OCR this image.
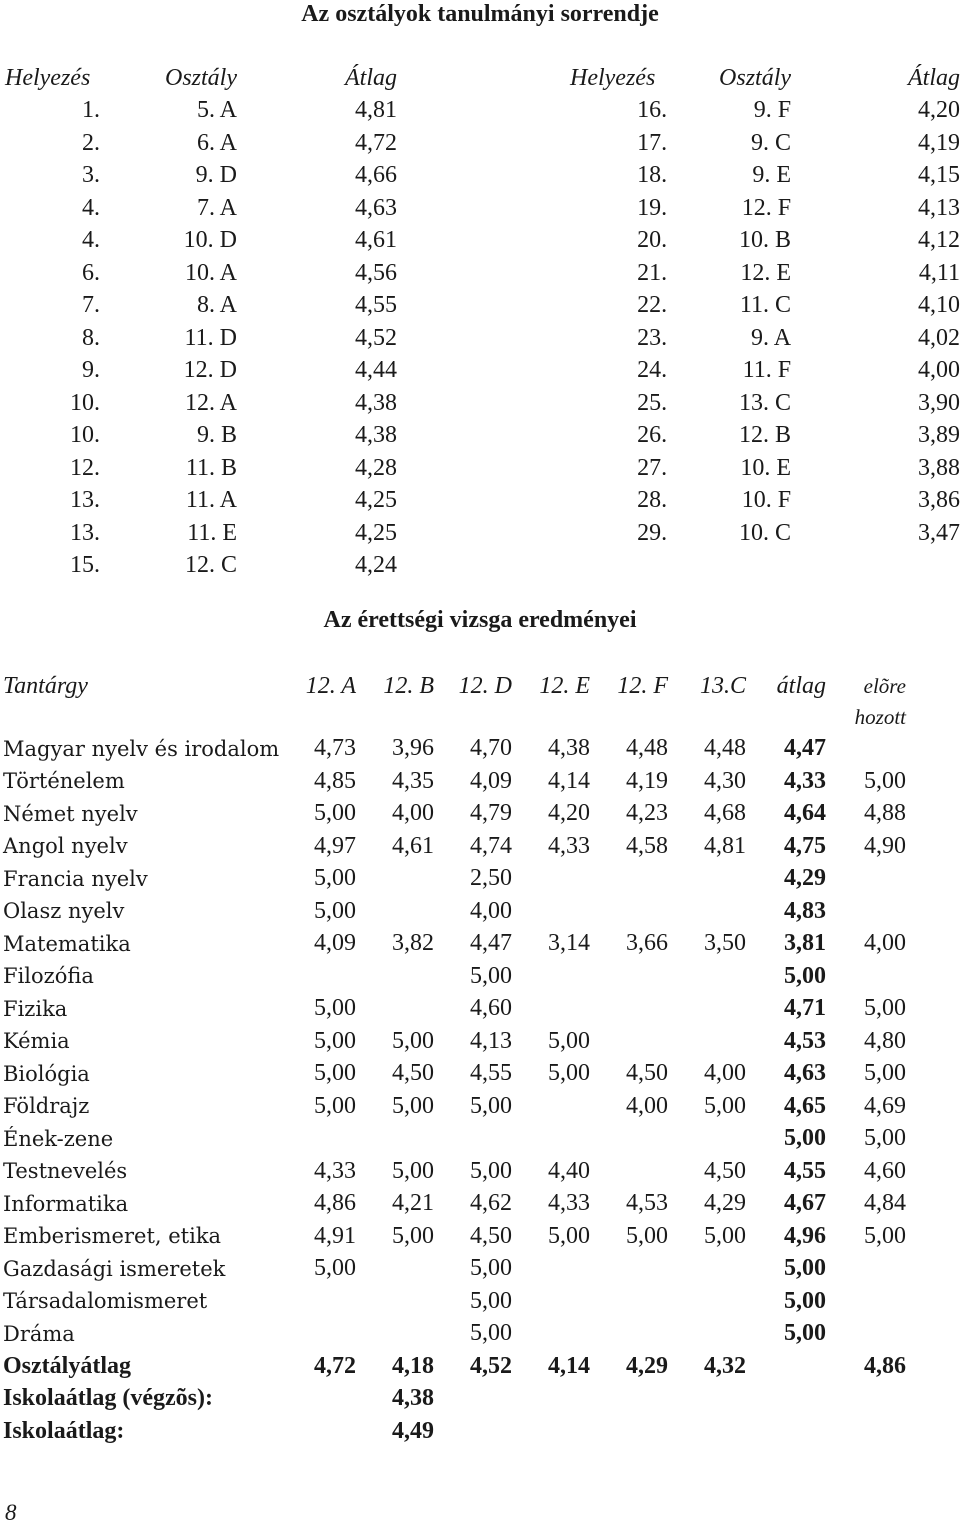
Az osztályok tanulmányi sorrendje
Helyezés	Osztály	Átlag
1.	5. A	4,81
2.	6. A	4,72
3.	9. D	4,66
4.	7. A	4,63
4.	10. D	4,61
6.	10. A	4,56
7.	8. A	4,55
8.	11. D	4,52
9.	12. D	4,44
10.	12. A	4,38
10.	9. B	4,38
12.	11. B	4,28
13.	11. A	4,25
13.	11. E	4,25
15.	12. C	4,24
Helyezés	Osztály	Átlag
16.	9. F	4,20
17.	9. C	4,19
18.	9. E	4,15
19.	12. F	4,13
20.	10. B	4,12
21.	12. E	4,11
22.	11. C	4,10
23.	9. A	4,02
24.	11. F	4,00
25.	13. C	3,90
26.	12. B	3,89
27.	10. E	3,88
28.	10. F	3,86
29.	10. C	3,47
Az érettségi vizsga eredményei
Tantárgy	12. A	12. B	12. D	12. E	12. F	13.C	átlag	elõre
								hozott
Magyar nyelv és irodalom	4,73	3,96	4,70	4,38	4,48	4,48	4,47	
Történelem	4,85	4,35	4,09	4,14	4,19	4,30	4,33	5,00
Német nyelv	5,00	4,00	4,79	4,20	4,23	4,68	4,64	4,88
Angol nyelv	4,97	4,61	4,74	4,33	4,58	4,81	4,75	4,90
Francia nyelv	5,00		2,50				4,29	
Olasz nyelv	5,00		4,00				4,83	
Matematika	4,09	3,82	4,47	3,14	3,66	3,50	3,81	4,00
Filozófia			5,00				5,00	
Fizika	5,00		4,60				4,71	5,00
Kémia	5,00	5,00	4,13	5,00			4,53	4,80
Biológia	5,00	4,50	4,55	5,00	4,50	4,00	4,63	5,00
Földrajz	5,00	5,00	5,00		4,00	5,00	4,65	4,69
Ének-zene							5,00	5,00
Testnevelés	4,33	5,00	5,00	4,40		4,50	4,55	4,60
Informatika	4,86	4,21	4,62	4,33	4,53	4,29	4,67	4,84
Emberismeret, etika	4,91	5,00	4,50	5,00	5,00	5,00	4,96	5,00
Gazdasági ismeretek	5,00		5,00				5,00	
Társadalomismeret			5,00				5,00	
Dráma			5,00				5,00	
Osztályátlag	4,72	4,18	4,52	4,14	4,29	4,32		4,86
Iskolaátlag (végzõs):		4,38						
Iskolaátlag:		4,49						

8
